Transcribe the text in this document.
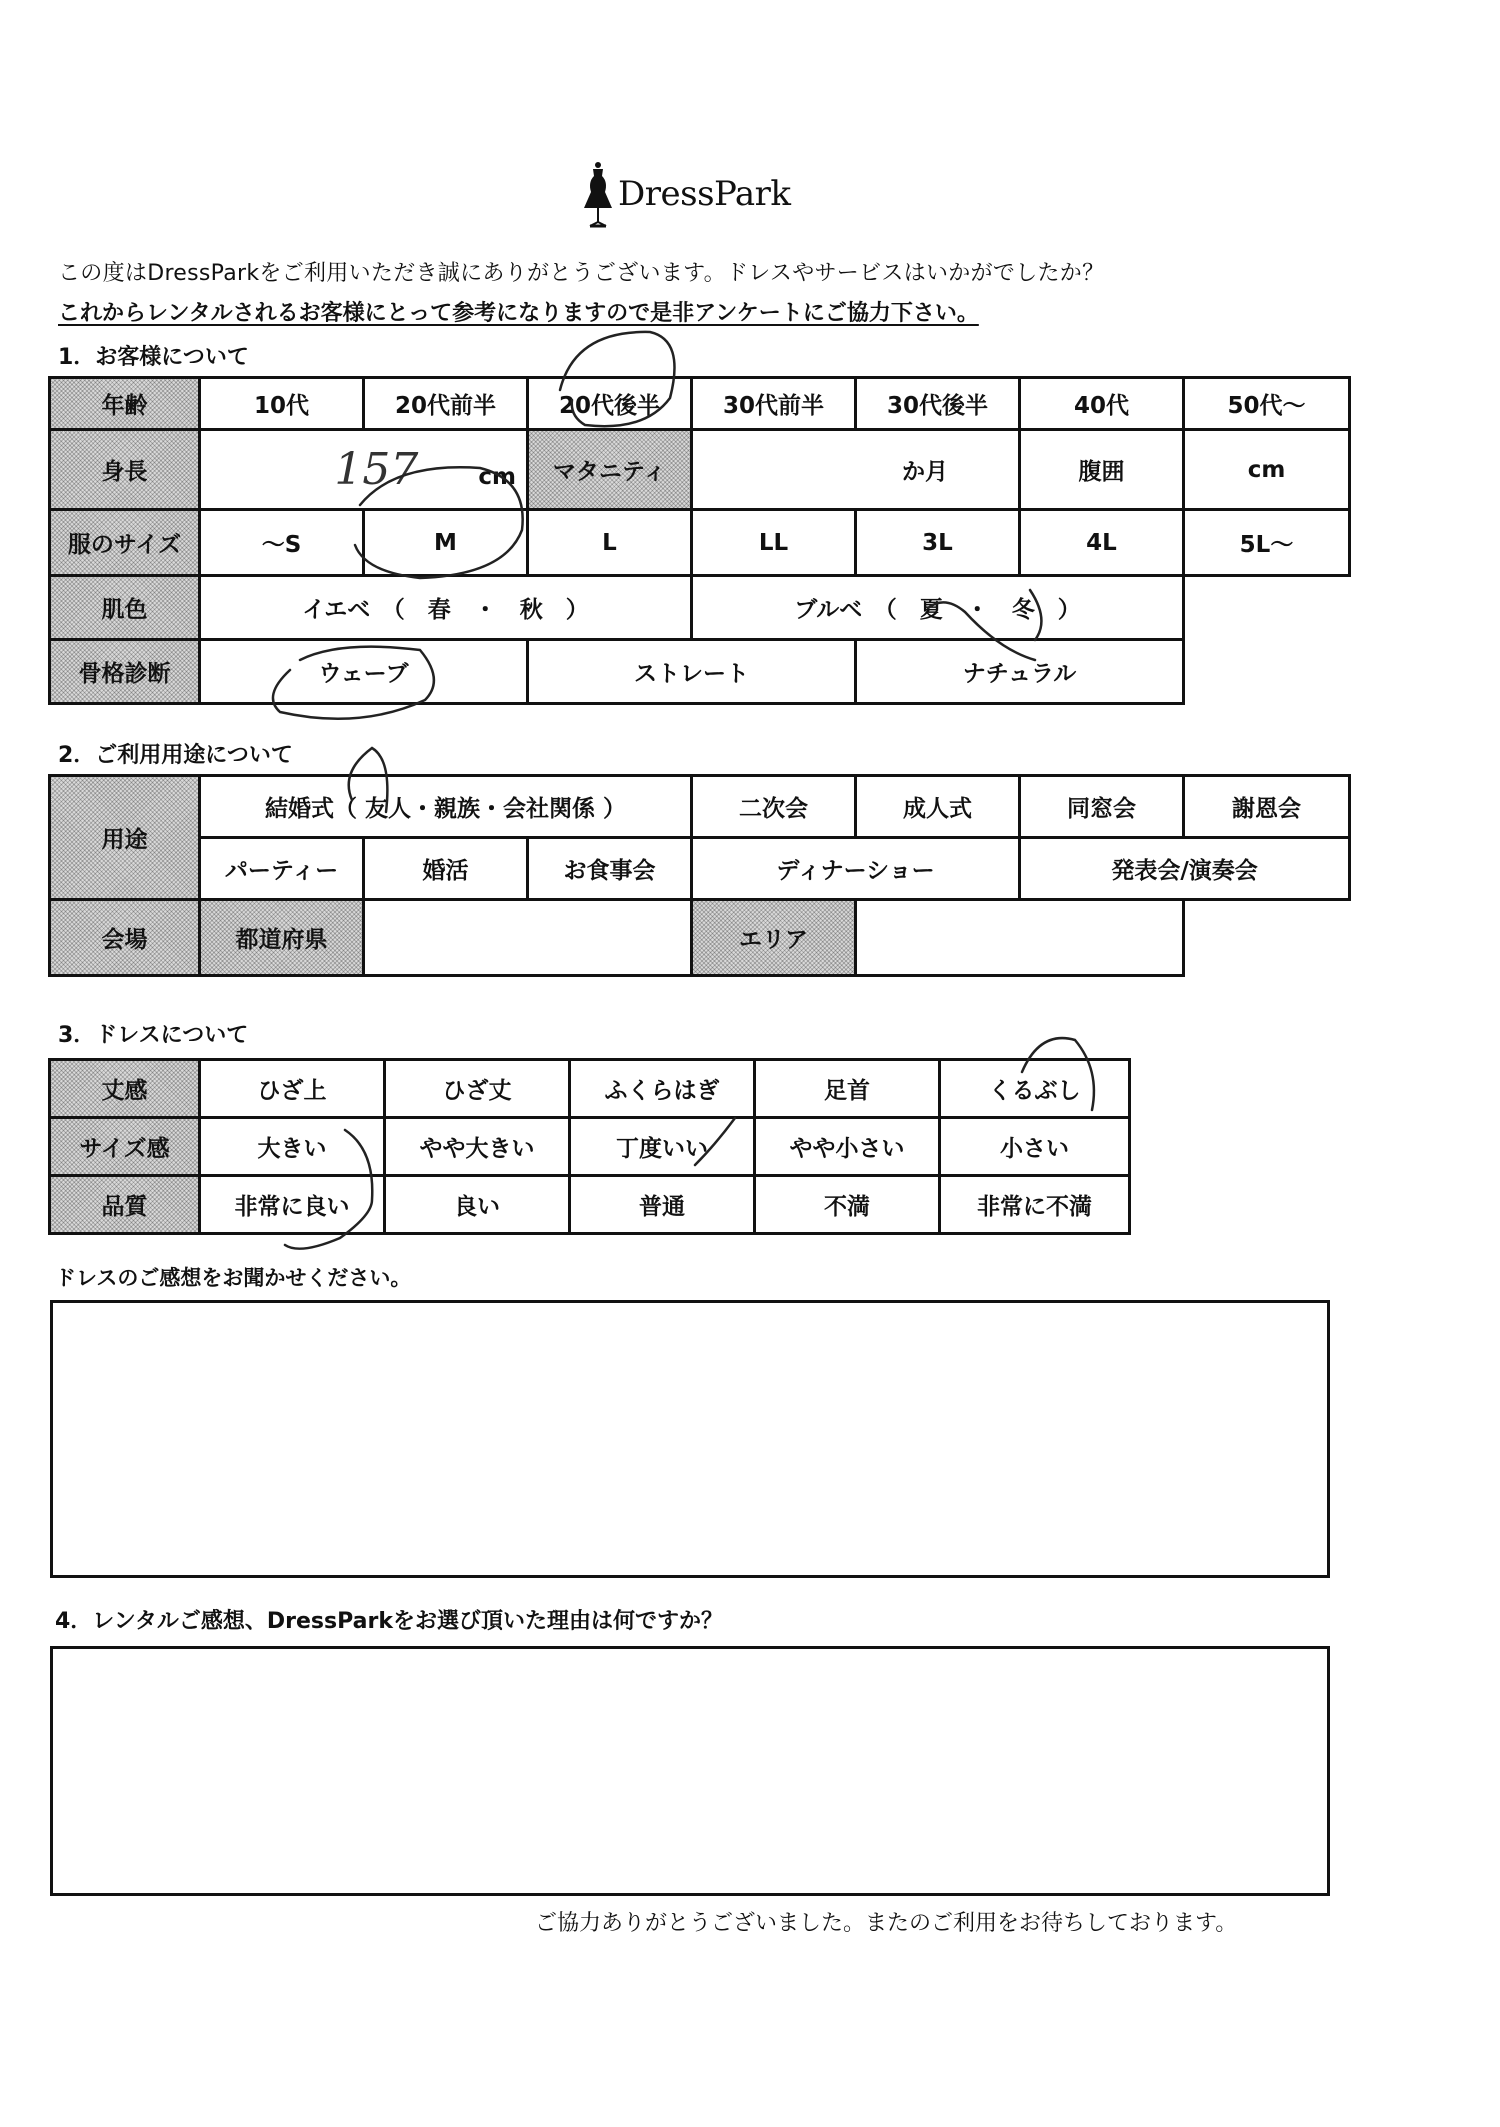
DressPark
この度はDressParkをご利用いただき誠にありがとうございます。ドレスやサービスはいかがでしたか？
これからレンタルされるお客様にとって参考になりますので是非アンケートにご協力下さい。
1．お客様について
年齢	10代	20代前半	20代後半	30代前半	30代後半	40代	50代～
身長	157 cm		マタニティ	か月		腹囲	cm
服のサイズ	～S	M	L	LL	3L	4L	5L～
肌色	イエベ　（　春　・　秋　）			ブルベ　（　夏　・　冬　）			
骨格診断	ウェーブ		ストレート		ナチュラル		
2．ご利用用途について
用途	結婚式（ 友人・親族・会社関係 ）			二次会	成人式	同窓会	謝恩会
	パーティー	婚活	お食事会	ディナーショー		発表会/演奏会	
会場	都道府県			エリア			
3．ドレスについて
丈感	ひざ上	ひざ丈	ふくらはぎ	足首	くるぶし
サイズ感	大きい	やや大きい	丁度いい	やや小さい	小さい
品質	非常に良い	良い	普通	不満	非常に不満
ドレスのご感想をお聞かせください。
4．レンタルご感想、DressParkをお選び頂いた理由は何ですか？
ご協力ありがとうございました。またのご利用をお待ちしております。
